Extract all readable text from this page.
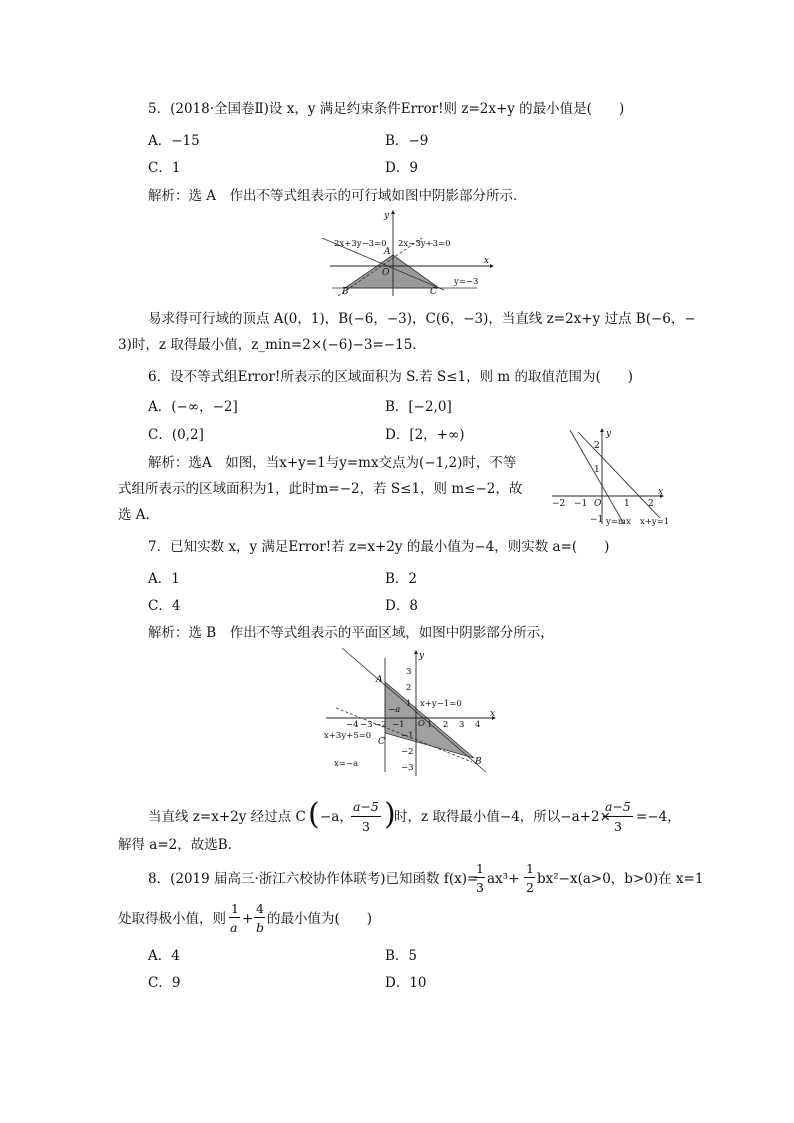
5．(2018·全国卷Ⅱ)设 x，y 满足约束条件Error!则 z=2x+y 的最小值是(　　)
A．−15	B．−9
C．1	D．9
解析：选 A　作出不等式组表示的可行域如图中阴影部分所示．
y
x
O
A
B	C
2x+3y−3=0 2x−3y+3=0
y=−3
易求得可行域的顶点 A(0，1)，B(−6，−3)，C(6，−3)，当直线 z=2x+y 过点 B(−6，−
3)时，z 取得最小值，z_min=2×(−6)−3=−15.
6．设不等式组Error!所表示的区域面积为 S.若 S≤1，则 m 的取值范围为(　　)
A．(−∞，−2]	B．[−2,0]
C．(0,2]	D．[2，+∞)
解析：选A　如图，当x+y=1与y=mx交点为(−1,2)时，不等
式组所表示的区域面积为1，此时m=−2，若 S≤1，则 m≤−2，故
选 A.
y
x
O
2
1
−1
−2 −1	1 2
y=mx x+y=1
7．已知实数 x，y 满足Error!若 z=x+2y 的最小值为−4，则实数 a=(　　)
A．1	B．2
C．4	D．8
解析：选 B　作出不等式组表示的平面区域，如图中阴影部分所示，
y
x
O
A
B
C
3
2
1
−1
−2
−3
−4 −3 −2 −1	1 2 3 4
−a
x+y−1=0
x+3y+5=0
x=−a
当直线 z=x+2y 经过点 C ( −a，
a−5
3 )
时，z 取得最小值−4，所以−a+2×
a−5
3
=−4，
解得 a=2，故选B.
8．(2019 届高三·浙江六校协作体联考)已知函数 f(x)=
1
3
ax³+
1
2
bx²−x(a>0，b>0)在 x=1
处取得极小值，则
1
a
+
4
b
的最小值为(　　)
A．4	B．5
C．9	D．10
